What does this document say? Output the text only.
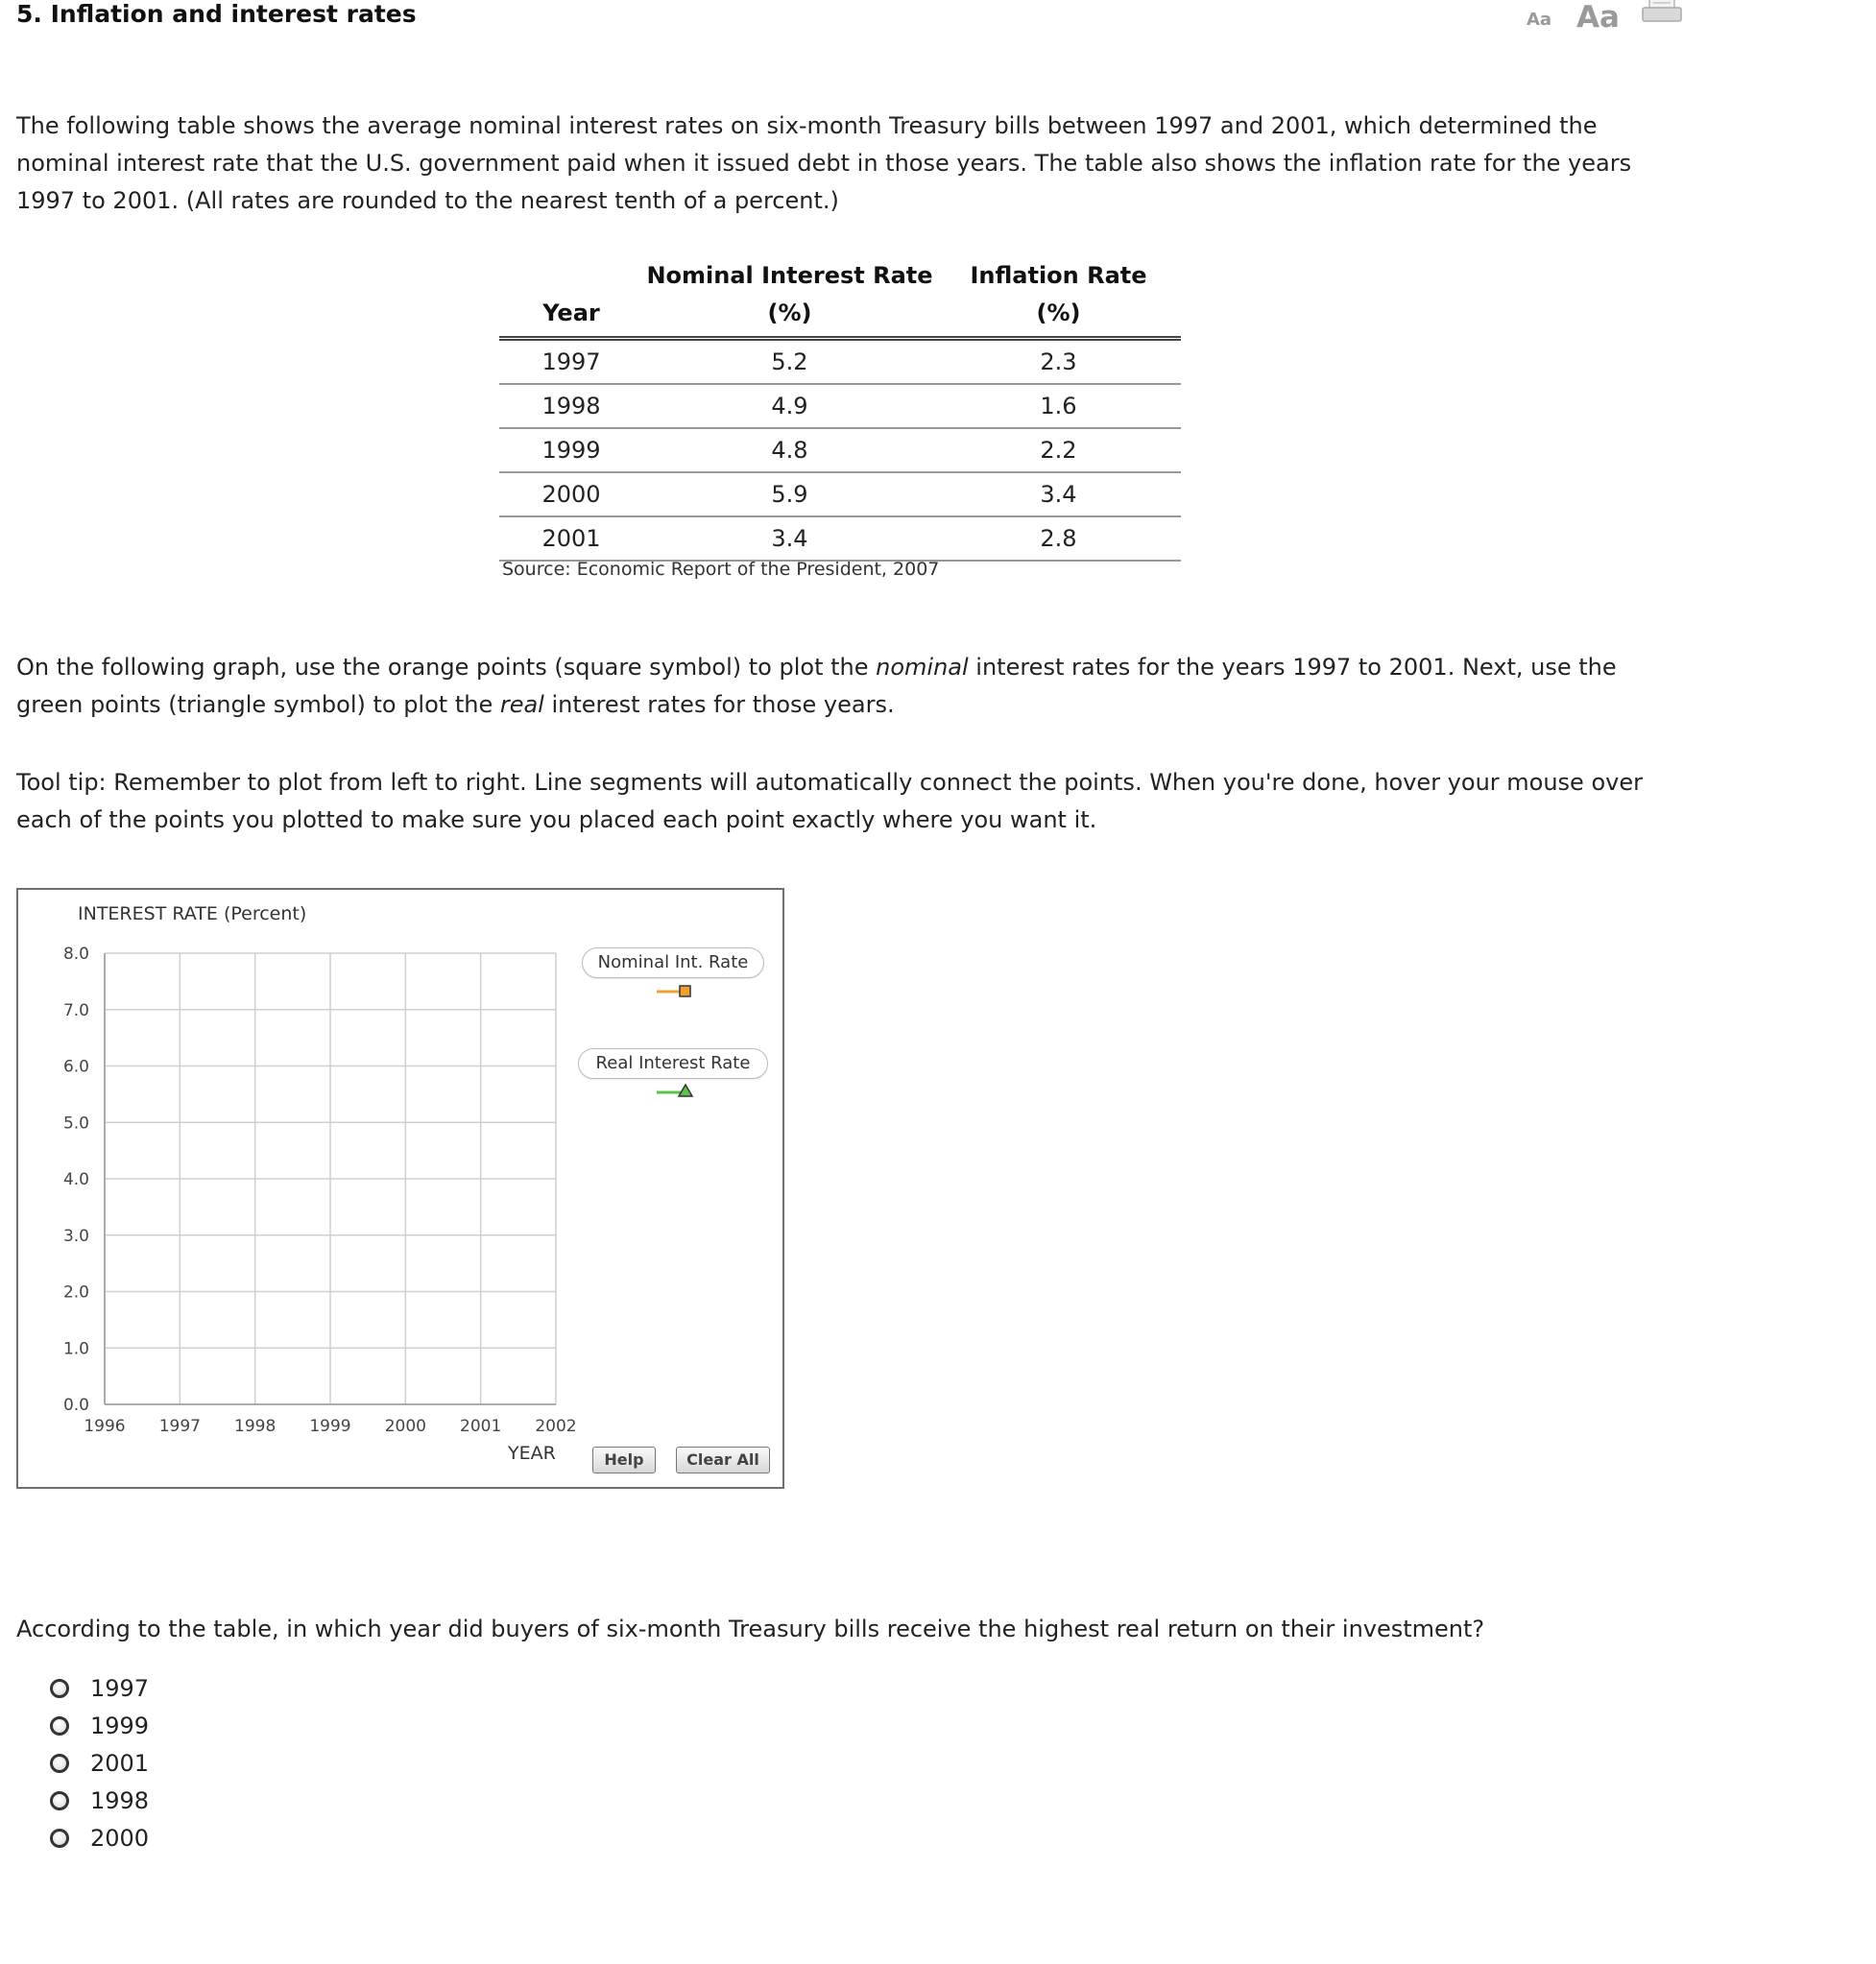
5. Inflation and interest rates	Aa Aa

The following table shows the average nominal interest rates on six-month Treasury bills between 1997 and 2001, which determined the nominal interest rate that the U.S. government paid when it issued debt in those years. The table also shows the inflation rate for the years 1997 to 2001. (All rates are rounded to the nearest tenth of a percent.)

	Nominal Interest Rate	Inflation Rate
Year	(%)	(%)
1997	5.2	2.3
1998	4.9	1.6
1999	4.8	2.2
2000	5.9	3.4
2001	3.4	2.8
Source: Economic Report of the President, 2007

On the following graph, use the orange points (square symbol) to plot the nominal interest rates for the years 1997 to 2001. Next, use the green points (triangle symbol) to plot the real interest rates for those years.

Tool tip: Remember to plot from left to right. Line segments will automatically connect the points. When you're done, hover your mouse over each of the points you plotted to make sure you placed each point exactly where you want it.

0.0
1.0
2.0
3.0
4.0
5.0
6.0
7.0
8.0
1996 1997 1998 1999 2000 2001 2002
INTEREST RATE (Percent)
YEAR
Nominal Int. Rate
Real Interest Rate
Help	Clear All

According to the table, in which year did buyers of six-month Treasury bills receive the highest real return on their investment?

1997
1999
2001
1998
2000
